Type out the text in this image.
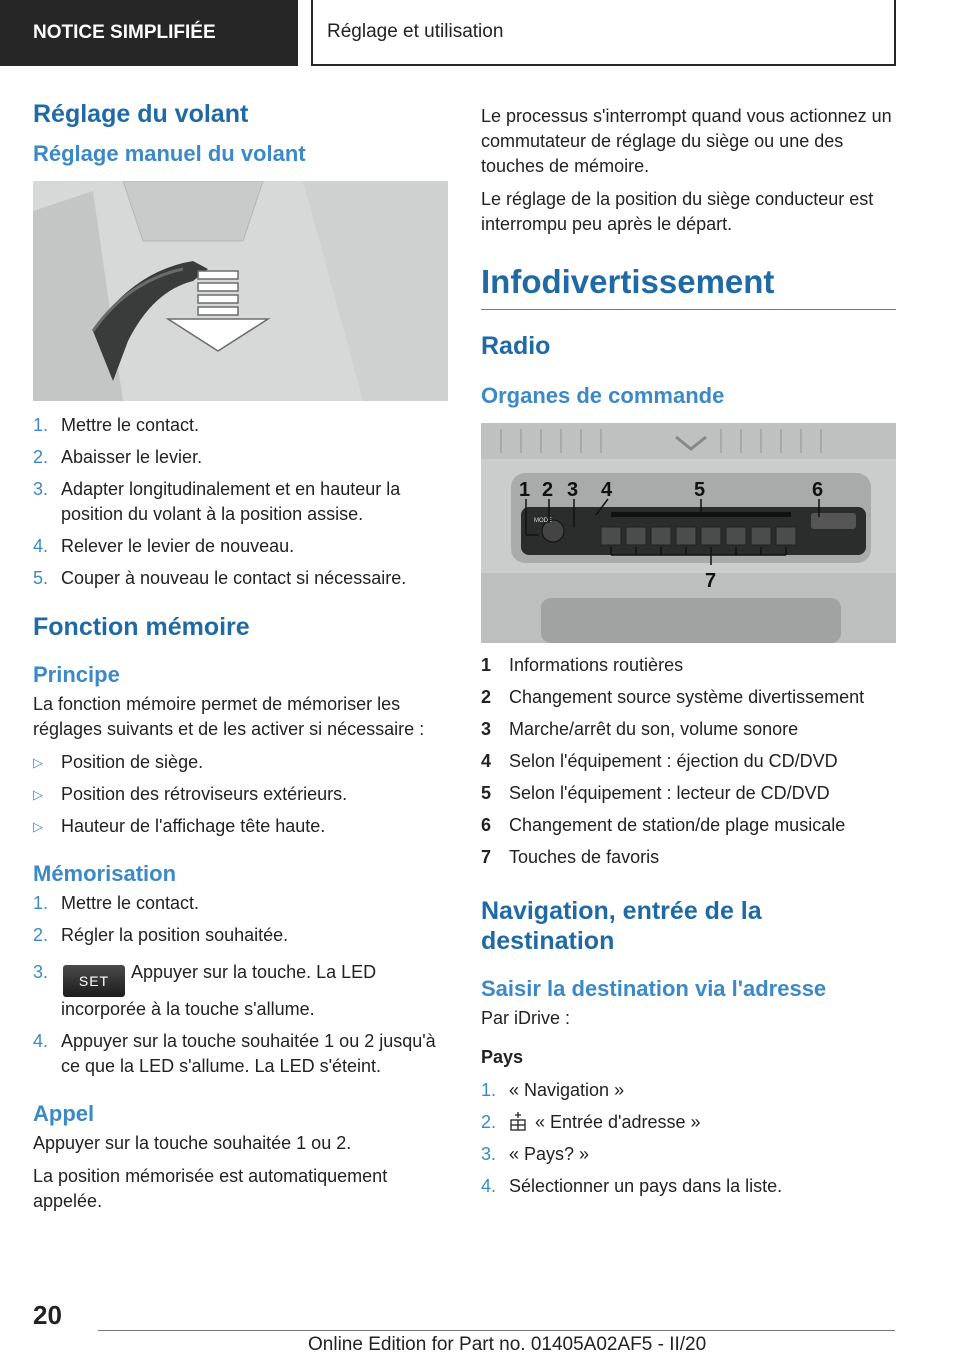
NOTICE SIMPLIFIÉE	Réglage et utilisation
Réglage du volant
Réglage manuel du volant
1. Mettre le contact.
2. Abaisser le levier.
3. Adapter longitudinalement et en hauteur la position du volant à la position assise.
4. Relever le levier de nouveau.
5. Couper à nouveau le contact si nécessaire.
Fonction mémoire
Principe

La fonction mémoire permet de mémoriser les réglages suivants et de les activer si nécessaire :

▷ Position de siège.
▷ Position des rétroviseurs extérieurs.
▷ Hauteur de l'affichage tête haute.
Mémorisation
1. Mettre le contact.
2. Régler la position souhaitée.
3. SET Appuyer sur la touche. La LED incorporée à la touche s'allume.
4. Appuyer sur la touche souhaitée 1 ou 2 jusqu'à ce que la LED s'allume. La LED s'éteint.
Appel

Appuyer sur la touche souhaitée 1 ou 2.

La position mémorisée est automatiquement appelée.

Le processus s'interrompt quand vous actionnez un commutateur de réglage du siège ou une des touches de mémoire.

Le réglage de la position du siège conducteur est interrompu peu après le départ.

Infodivertissement
Radio
Organes de commande
MODE
1 2 3 4	5	6
7
1 Informations routières
2 Changement source système divertissement
3 Marche/arrêt du son, volume sonore
4 Selon l'équipement : éjection du CD/DVD
5 Selon l'équipement : lecteur de CD/DVD
6 Changement de station/de plage musicale
7 Touches de favoris
Navigation, entrée de la destination
Saisir la destination via l'adresse

Par iDrive :

Pays

1. « Navigation »
2. « Entrée d'adresse »
3. « Pays? »
4. Sélectionner un pays dans la liste.
20
Online Edition for Part no. 01405A02AF5 - II/20
